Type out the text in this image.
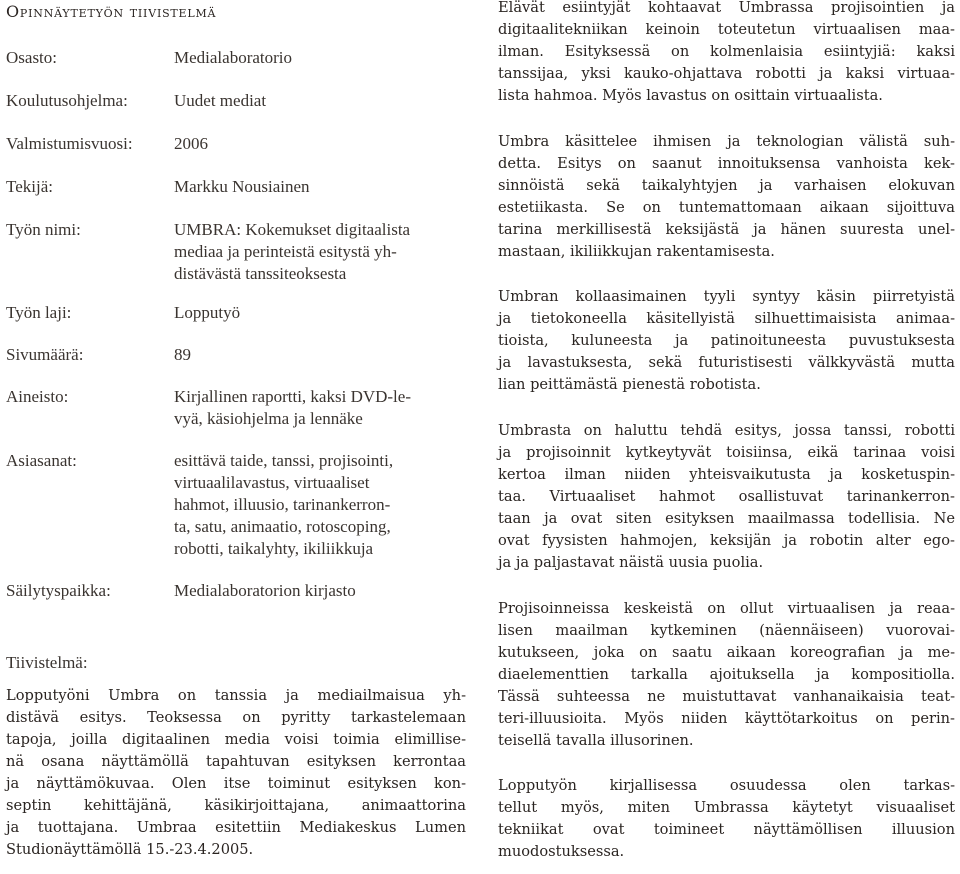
Opinnäytetyön tiivistelmä
Osasto:	Medialaboratorio
Koulutusohjelma:	Uudet mediat
Valmistumisvuosi: 2006
Tekijä:	Markku Nousiainen
Työn nimi:	UMBRA: Kokemukset digitaalista
mediaa ja perinteistä esitystä yh-
distävästä tanssiteoksesta
Työn laji:	Lopputyö
Sivumäärä:	89
Aineisto:	Kirjallinen raportti, kaksi DVD-le-
vyä, käsiohjelma ja lennäke
Asiasanat:	esittävä taide, tanssi, projisointi,
virtuaalilavastus, virtuaaliset
hahmot, illuusio, tarinankerron-
ta, satu, animaatio, rotoscoping,
robotti, taikalyhty, ikiliikkuja
Säilytyspaikka:	Medialaboratorion kirjasto
Tiivistelmä:
Lopputyöni Umbra on tanssia ja mediailmaisua yh-
distävä esitys. Teoksessa on pyritty tarkastelemaan
tapoja, joilla digitaalinen media voisi toimia elimillise-
nä osana näyttämöllä tapahtuvan esityksen kerrontaa
ja näyttämökuvaa. Olen itse toiminut esityksen kon-
septin kehittäjänä, käsikirjoittajana, animaattorina
ja tuottajana. Umbraa esitettiin Mediakeskus Lumen
Studionäyttämöllä 15.-23.4.2005.
Elävät esiintyjät kohtaavat Umbrassa projisointien ja
digitaalitekniikan keinoin toteutetun virtuaalisen maa-
ilman. Esityksessä on kolmenlaisia esiintyjiä: kaksi
tanssijaa, yksi kauko-ohjattava robotti ja kaksi virtuaa-
lista hahmoa. Myös lavastus on osittain virtuaalista.
Umbra käsittelee ihmisen ja teknologian välistä suh-
detta. Esitys on saanut innoituksensa vanhoista kek-
sinnöistä sekä taikalyhtyjen ja varhaisen elokuvan
estetiikasta. Se on tuntemattomaan aikaan sijoittuva
tarina merkillisestä keksijästä ja hänen suuresta unel-
mastaan, ikiliikkujan rakentamisesta.
Umbran kollaasimainen tyyli syntyy käsin piirretyistä
ja tietokoneella käsitellyistä silhuettimaisista animaa-
tioista, kuluneesta ja patinoituneesta puvustuksesta
ja lavastuksesta, sekä futuristisesti välkkyvästä mutta
lian peittämästä pienestä robotista.
Umbrasta on haluttu tehdä esitys, jossa tanssi, robotti
ja projisoinnit kytkeytyvät toisiinsa, eikä tarinaa voisi
kertoa ilman niiden yhteisvaikutusta ja kosketuspin-
taa. Virtuaaliset hahmot osallistuvat tarinankerron-
taan ja ovat siten esityksen maailmassa todellisia. Ne
ovat fyysisten hahmojen, keksijän ja robotin alter ego-
ja ja paljastavat näistä uusia puolia.
Projisoinneissa keskeistä on ollut virtuaalisen ja reaa-
lisen maailman kytkeminen (näennäiseen) vuorovai-
kutukseen, joka on saatu aikaan koreografian ja me-
diaelementtien tarkalla ajoituksella ja kompositiolla.
Tässä suhteessa ne muistuttavat vanhanaikaisia teat-
teri-illuusioita. Myös niiden käyttötarkoitus on perin-
teisellä tavalla illusorinen.
Lopputyön kirjallisessa osuudessa olen tarkas-
tellut myös, miten Umbrassa käytetyt visuaaliset
tekniikat ovat toimineet näyttämöllisen illuusion
muodostuksessa.
